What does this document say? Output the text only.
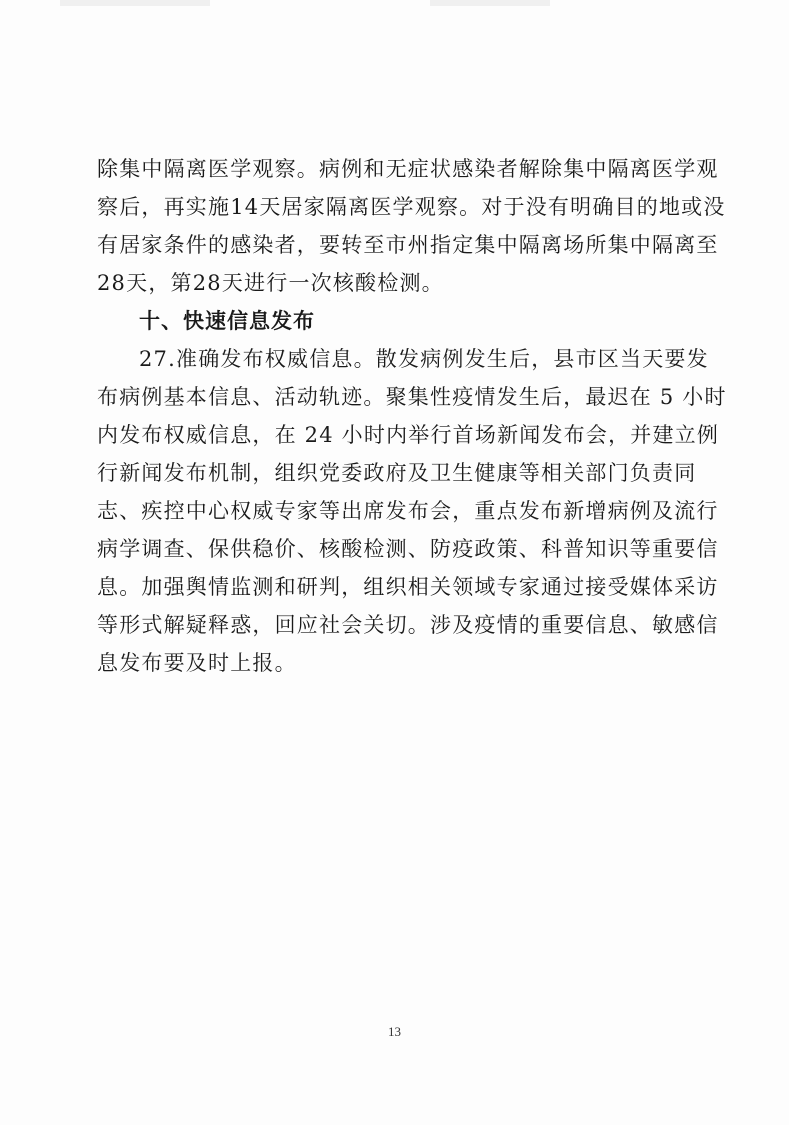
除集中隔离医学观察。病例和无症状感染者解除集中隔离医学观
察后，再实施14天居家隔离医学观察。对于没有明确目的地或没
有居家条件的感染者，要转至市州指定集中隔离场所集中隔离至
28天，第28天进行一次核酸检测。
十、快速信息发布
27.准确发布权威信息。散发病例发生后，县市区当天要发
布病例基本信息、活动轨迹。聚集性疫情发生后，最迟在 5 小时
内发布权威信息，在 24 小时内举行首场新闻发布会，并建立例
行新闻发布机制，组织党委政府及卫生健康等相关部门负责同
志、疾控中心权威专家等出席发布会，重点发布新增病例及流行
病学调查、保供稳价、核酸检测、防疫政策、科普知识等重要信
息。加强舆情监测和研判，组织相关领域专家通过接受媒体采访
等形式解疑释惑，回应社会关切。涉及疫情的重要信息、敏感信
息发布要及时上报。
13
